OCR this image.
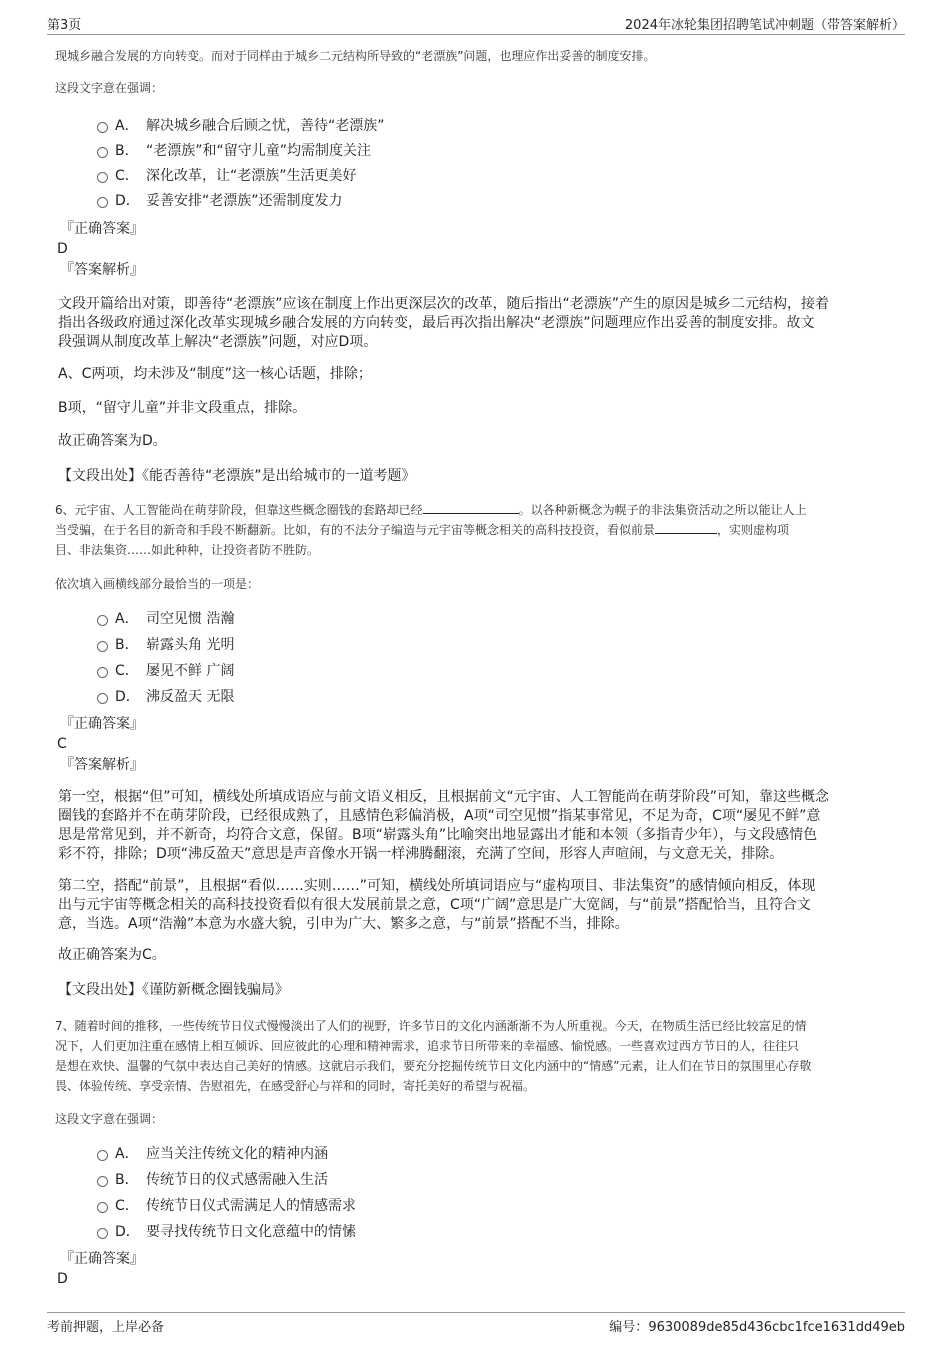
第3页	2024年冰轮集团招聘笔试冲刺题（带答案解析）
现城乡融合发展的方向转变。而对于同样由于城乡二元结构所导致的“老漂族”问题，也理应作出妥善的制度安排。
这段文字意在强调：
A． 解决城乡融合后顾之忧，善待“老漂族”
B． “老漂族”和“留守儿童”均需制度关注
C． 深化改革，让“老漂族”生活更美好
D． 妥善安排“老漂族”还需制度发力
『正确答案』
D
『答案解析』
文段开篇给出对策，即善待“老漂族”应该在制度上作出更深层次的改革，随后指出“老漂族”产生的原因是城乡二元结构，接着
指出各级政府通过深化改革实现城乡融合发展的方向转变，最后再次指出解决“老漂族”问题理应作出妥善的制度安排。故文
段强调从制度改革上解决“老漂族”问题，对应D项。
A、C两项，均未涉及“制度”这一核心话题，排除；
B项，“留守儿童”并非文段重点，排除。
故正确答案为D。
【文段出处】《能否善待“老漂族”是出给城市的一道考题》
6、元宇宙、人工智能尚在萌芽阶段，但靠这些概念圈钱的套路却已经	。以各种新概念为幌子的非法集资活动之所以能让人上
当受骗，在于名目的新奇和手段不断翻新。比如，有的不法分子编造与元宇宙等概念相关的高科技投资，看似前景	，实则虚构项
目、非法集资……如此种种，让投资者防不胜防。
依次填入画横线部分最恰当的一项是：
A． 司空见惯 浩瀚
B． 崭露头角 光明
C． 屡见不鲜 广阔
D． 沸反盈天 无限
『正确答案』
C
『答案解析』
第一空，根据“但”可知，横线处所填成语应与前文语义相反，且根据前文“元宇宙、人工智能尚在萌芽阶段”可知，靠这些概念
圈钱的套路并不在萌芽阶段，已经很成熟了，且感情色彩偏消极，A项“司空见惯”指某事常见，不足为奇，C项“屡见不鲜”意
思是常常见到，并不新奇，均符合文意，保留。B项“崭露头角”比喻突出地显露出才能和本领（多指青少年），与文段感情色
彩不符，排除；D项“沸反盈天”意思是声音像水开锅一样沸腾翻滚，充满了空间，形容人声喧闹，与文意无关，排除。
第二空，搭配“前景”，且根据“看似……实则……”可知，横线处所填词语应与“虚构项目、非法集资”的感情倾向相反，体现
出与元宇宙等概念相关的高科技投资看似有很大发展前景之意，C项“广阔”意思是广大宽阔，与“前景”搭配恰当，且符合文
意，当选。A项“浩瀚”本意为水盛大貌，引申为广大、繁多之意，与“前景”搭配不当，排除。
故正确答案为C。
【文段出处】《谨防新概念圈钱骗局》
7、随着时间的推移，一些传统节日仪式慢慢淡出了人们的视野，许多节日的文化内涵渐渐不为人所重视。今天，在物质生活已经比较富足的情
况下，人们更加注重在感情上相互倾诉、回应彼此的心理和精神需求，追求节日所带来的幸福感、愉悦感。一些喜欢过西方节日的人，往往只
是想在欢快、温馨的气氛中表达自己美好的情感。这就启示我们，要充分挖掘传统节日文化内涵中的“情感”元素，让人们在节日的氛围里心存敬
畏、体验传统、享受亲情、告慰祖先，在感受舒心与祥和的同时，寄托美好的希望与祝福。
这段文字意在强调：
A． 应当关注传统文化的精神内涵
B． 传统节日的仪式感需融入生活
C． 传统节日仪式需满足人的情感需求
D． 要寻找传统节日文化意蕴中的情愫
『正确答案』
D
考前押题，上岸必备	编号：9630089de85d436cbc1fce1631dd49eb
